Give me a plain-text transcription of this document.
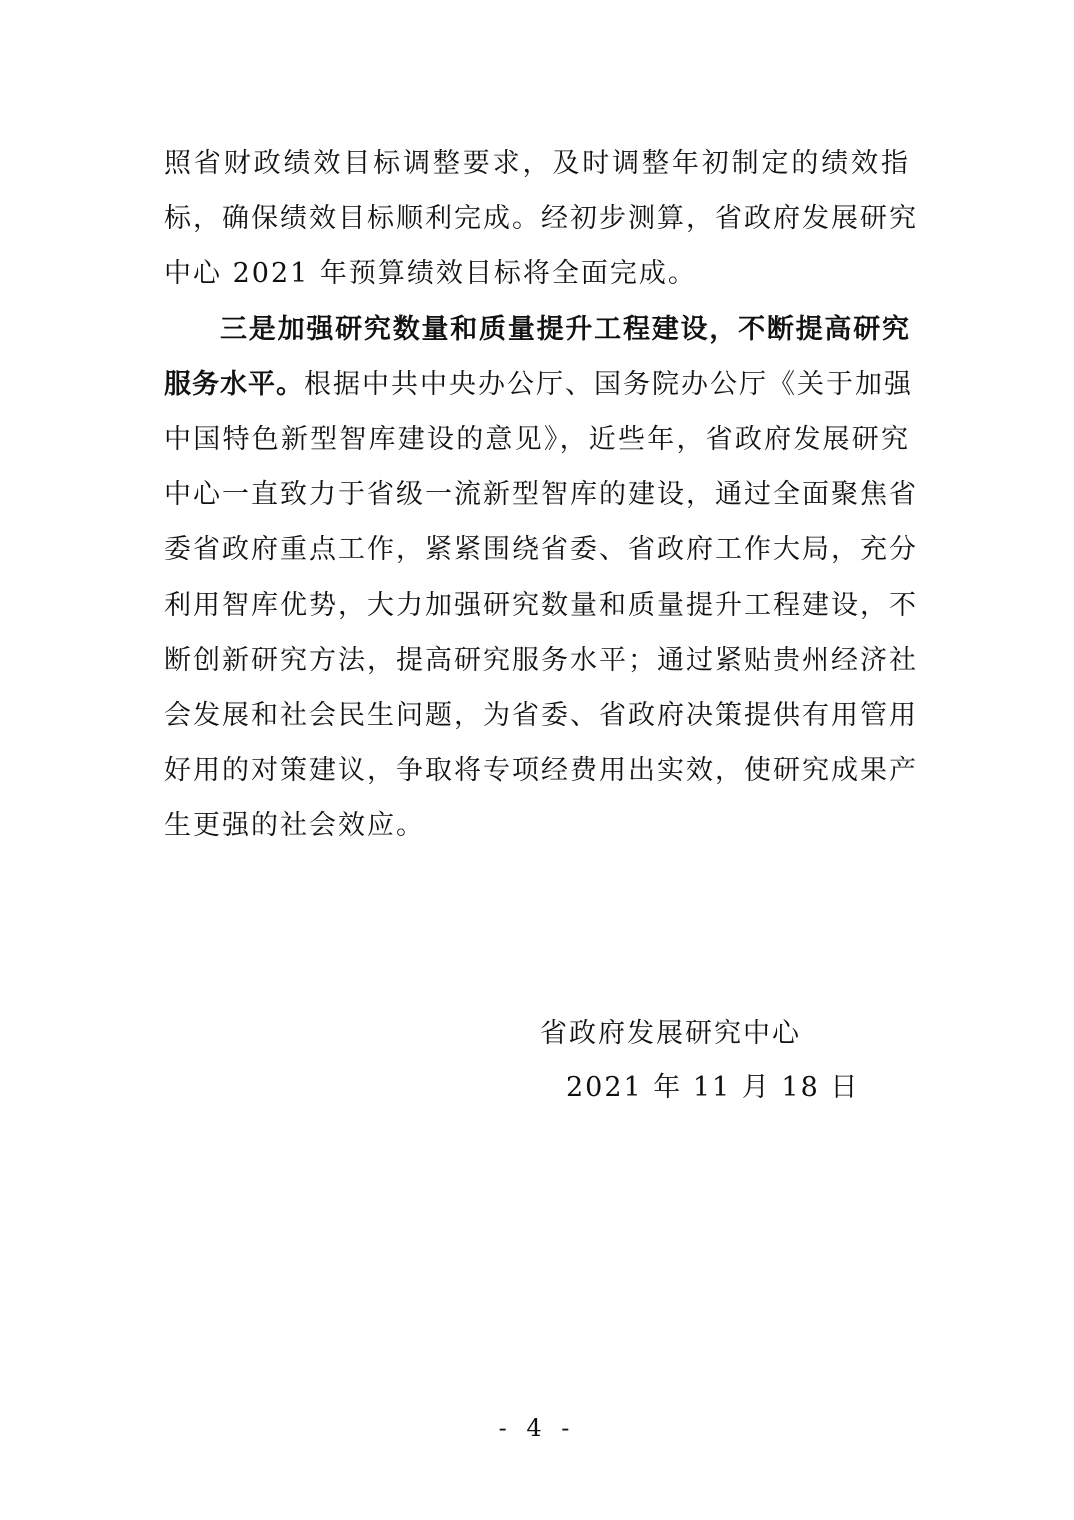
照省财政绩效目标调整要求，及时调整年初制定的绩效指
标，确保绩效目标顺利完成。经初步测算，省政府发展研究
中心 2021 年预算绩效目标将全面完成。
三是加强研究数量和质量提升工程建设，不断提高研究
服务水平。根据中共中央办公厅、国务院办公厅《关于加强
中国特色新型智库建设的意见》，近些年，省政府发展研究
中心一直致力于省级一流新型智库的建设，通过全面聚焦省
委省政府重点工作，紧紧围绕省委、省政府工作大局，充分
利用智库优势，大力加强研究数量和质量提升工程建设，不
断创新研究方法，提高研究服务水平；通过紧贴贵州经济社
会发展和社会民生问题，为省委、省政府决策提供有用管用
好用的对策建议，争取将专项经费用出实效，使研究成果产
生更强的社会效应。
省政府发展研究中心
2021 年 11 月 18 日
- 4 -
